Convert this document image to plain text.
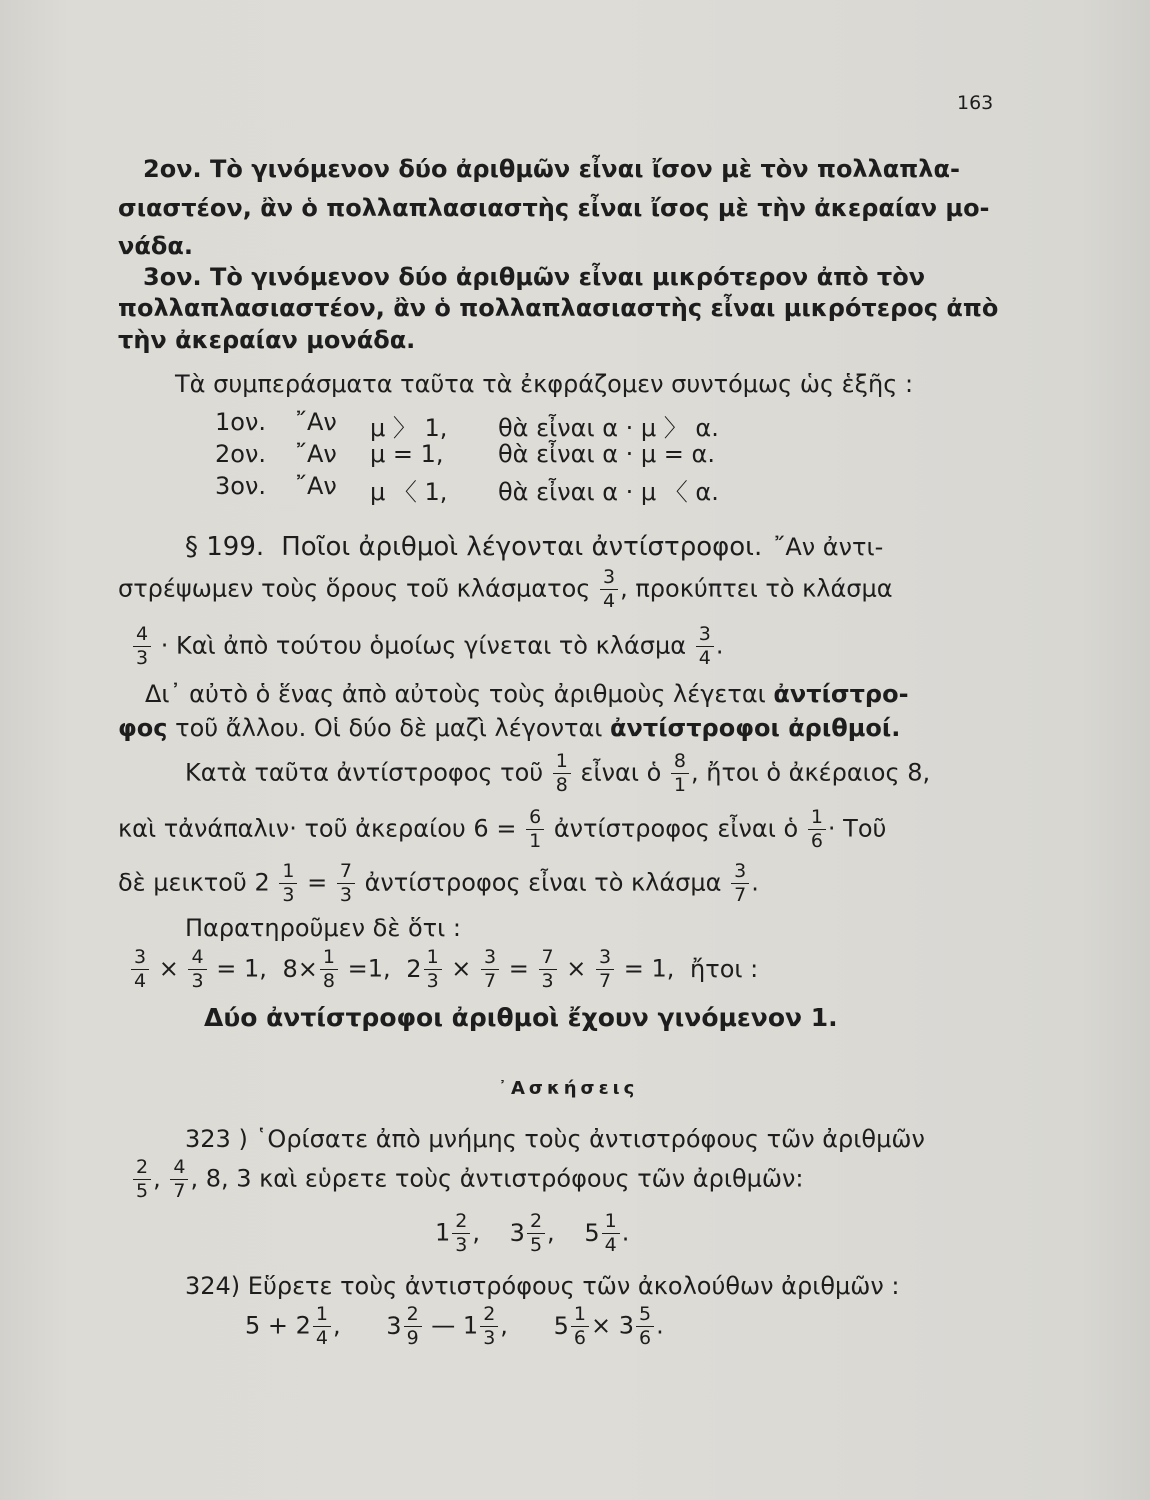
163
2ον. Τὸ γινόμενον δύο ἀριθμῶν εἶναι ἴσον μὲ τὸν πολλαπλα-
σιαστέον, ἂν ὁ πολλαπλασιαστὴς εἶναι ἴσος μὲ τὴν ἀκεραίαν μο-
νάδα.
3ον. Τὸ γινόμενον δύο ἀριθμῶν εἶναι μικρότερον ἀπὸ τὸν
πολλαπλασιαστέον, ἂν ὁ πολλαπλασιαστὴς εἶναι μικρότερος ἀπὸ
τὴν ἀκεραίαν μονάδα.
Τὰ συμπεράσματα ταῦτα τὰ ἐκφράζομεν συντόμως ὡς ἑξῆς :
1ον. ῎Αν μ 〉 1, θὰ εἶναι α · μ 〉 α.
2ον. ῎Αν μ = 1, θὰ εἶναι α · μ = α.
3ον. ῎Αν μ 〈 1, θὰ εἶναι α · μ 〈 α.
§ 199. Ποῖοι ἀριθμοὶ λέγονται ἀντίστροφοι. ῎Αν ἀντι-
στρέψωμεν τοὺς ὅρους τοῦ κλάσματος $\frac{3}{4}$ , προκύπτει τὸ κλάσμα
$\frac{4}{3}$ · Καὶ ἀπὸ τούτου ὁμοίως γίνεται τὸ κλάσμα $\frac{3}{4}$ .
Δι᾽ αὐτὸ ὁ ἕνας ἀπὸ αὐτοὺς τοὺς ἀριθμοὺς λέγεται ἀντίστρο-
φος τοῦ ἄλλου. Οἱ δύο δὲ μαζὶ λέγονται ἀντίστροφοι ἀριθμοί.
Κατὰ ταῦτα ἀντίστροφος τοῦ $\frac{1}{8}$ εἶναι ὁ $\frac{8}{1}$ , ἤτοι ὁ ἀκέραιος 8,
καὶ τἀνάπαλιν· τοῦ ἀκεραίου $6 = \frac{6}{1}$ ἀντίστροφος εἶναι ὁ $\frac{1}{6}$ · Τοῦ
δὲ μεικτοῦ $2 \frac{1}{3} = \frac{7}{3}$ ἀντίστροφος εἶναι τὸ κλάσμα $\frac{3}{7}$ .
Παρατηροῦμεν δὲ ὅτι :
$\frac{3}{4} \times \frac{4}{3} = 1$, $8\times \frac{1}{8} =1$, $2 \frac{1}{3} \times \frac{3}{7} = \frac{7}{3} \times \frac{3}{7} = 1$, ἤτοι :
Δύο ἀντίστροφοι ἀριθμοὶ ἔχουν γινόμενον 1.
᾽Ασκήσεις
323 ) ῾Ορίσατε ἀπὸ μνήμης τοὺς ἀντιστρόφους τῶν ἀριθμῶν
$\frac{2}{5}$ , $\frac{4}{7}$ , 8, 3 καὶ εὑρετε τοὺς ἀντιστρόφους τῶν ἀριθμῶν:
$1 \frac{2}{3}$ , $3 \frac{2}{5}$ , $5 \frac{1}{4}$ .
324) Εὕρετε τοὺς ἀντιστρόφους τῶν ἀκολούθων ἀριθμῶν :
$5 + 2 \frac{1}{4}$ , $3 \frac{2}{9}$ — $1 \frac{2}{3}$ , $5 \frac{1}{6} \times 3 \frac{5}{6}$ .
